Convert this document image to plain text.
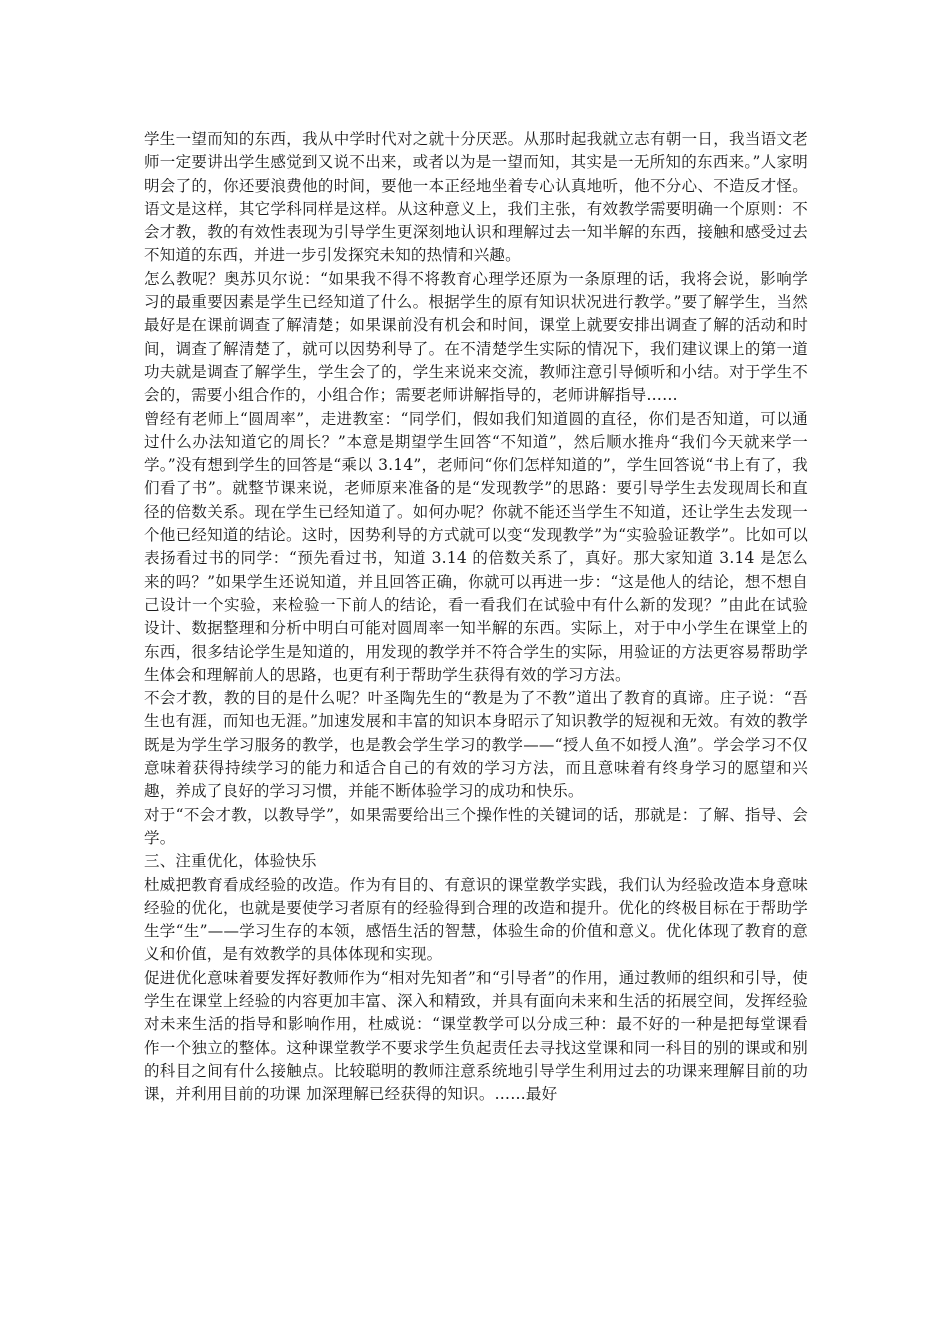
学生一望而知的东西，我从中学时代对之就十分厌恶。从那时起我就立志有朝一日，我当语文老师一定要讲出学生感觉到又说不出来，或者以为是一望而知，其实是一无所知的东西来。”人家明明会了的，你还要浪费他的时间，要他一本正经地坐着专心认真地听，他不分心、不造反才怪。语文是这样，其它学科同样是这样。从这种意义上，我们主张，有效教学需要明确一个原则：不会才教，教的有效性表现为引导学生更深刻地认识和理解过去一知半解的东西，接触和感受过去不知道的东西，并进一步引发探究未知的热情和兴趣。

怎么教呢？奥苏贝尔说：“如果我不得不将教育心理学还原为一条原理的话，我将会说，影响学习的最重要因素是学生已经知道了什么。根据学生的原有知识状况进行教学。”要了解学生，当然最好是在课前调查了解清楚；如果课前没有机会和时间，课堂上就要安排出调查了解的活动和时间，调查了解清楚了，就可以因势利导了。在不清楚学生实际的情况下，我们建议课上的第一道功夫就是调查了解学生，学生会了的，学生来说来交流，教师注意引导倾听和小结。对于学生不会的，需要小组合作的，小组合作；需要老师讲解指导的，老师讲解指导……

曾经有老师上“圆周率”，走进教室：“同学们，假如我们知道圆的直径，你们是否知道，可以通过什么办法知道它的周长？”本意是期望学生回答“不知道”，然后顺水推舟“我们今天就来学一学。”没有想到学生的回答是“乘以 3.14”，老师问“你们怎样知道的”，学生回答说“书上有了，我们看了书”。就整节课来说，老师原来准备的是“发现教学”的思路：要引导学生去发现周长和直径的倍数关系。现在学生已经知道了。如何办呢？你就不能还当学生不知道，还让学生去发现一个他已经知道的结论。这时，因势利导的方式就可以变“发现教学”为“实验验证教学”。比如可以表扬看过书的同学：“预先看过书，知道 3.14 的倍数关系了，真好。那大家知道 3.14 是怎么来的吗？”如果学生还说知道，并且回答正确，你就可以再进一步：“这是他人的结论，想不想自己设计一个实验，来检验一下前人的结论，看一看我们在试验中有什么新的发现？”由此在试验设计、数据整理和分析中明白可能对圆周率一知半解的东西。实际上，对于中小学生在课堂上的东西，很多结论学生是知道的，用发现的教学并不符合学生的实际，用验证的方法更容易帮助学生体会和理解前人的思路，也更有利于帮助学生获得有效的学习方法。

不会才教，教的目的是什么呢？叶圣陶先生的“教是为了不教”道出了教育的真谛。庄子说：“吾生也有涯，而知也无涯。”加速发展和丰富的知识本身昭示了知识教学的短视和无效。有效的教学既是为学生学习服务的教学，也是教会学生学习的教学——“授人鱼不如授人渔”。学会学习不仅意味着获得持续学习的能力和适合自己的有效的学习方法，而且意味着有终身学习的愿望和兴趣，养成了良好的学习习惯，并能不断体验学习的成功和快乐。

对于“不会才教，以教导学”，如果需要给出三个操作性的关键词的话，那就是：了解、指导、会学。

三、注重优化，体验快乐

杜威把教育看成经验的改造。作为有目的、有意识的课堂教学实践，我们认为经验改造本身意味经验的优化，也就是要使学习者原有的经验得到合理的改造和提升。优化的终极目标在于帮助学生学“生”——学习生存的本领，感悟生活的智慧，体验生命的价值和意义。优化体现了教育的意义和价值，是有效教学的具体体现和实现。

促进优化意味着要发挥好教师作为“相对先知者”和“引导者”的作用，通过教师的组织和引导，使学生在课堂上经验的内容更加丰富、深入和精致，并具有面向未来和生活的拓展空间，发挥经验对未来生活的指导和影响作用，杜威说：“课堂教学可以分成三种：最不好的一种是把每堂课看作一个独立的整体。这种课堂教学不要求学生负起责任去寻找这堂课和同一科目的别的课或和别的科目之间有什么接触点。比较聪明的教师注意系统地引导学生利用过去的功课来理解目前的功课，并利用目前的功课 加深理解已经获得的知识。……最好
